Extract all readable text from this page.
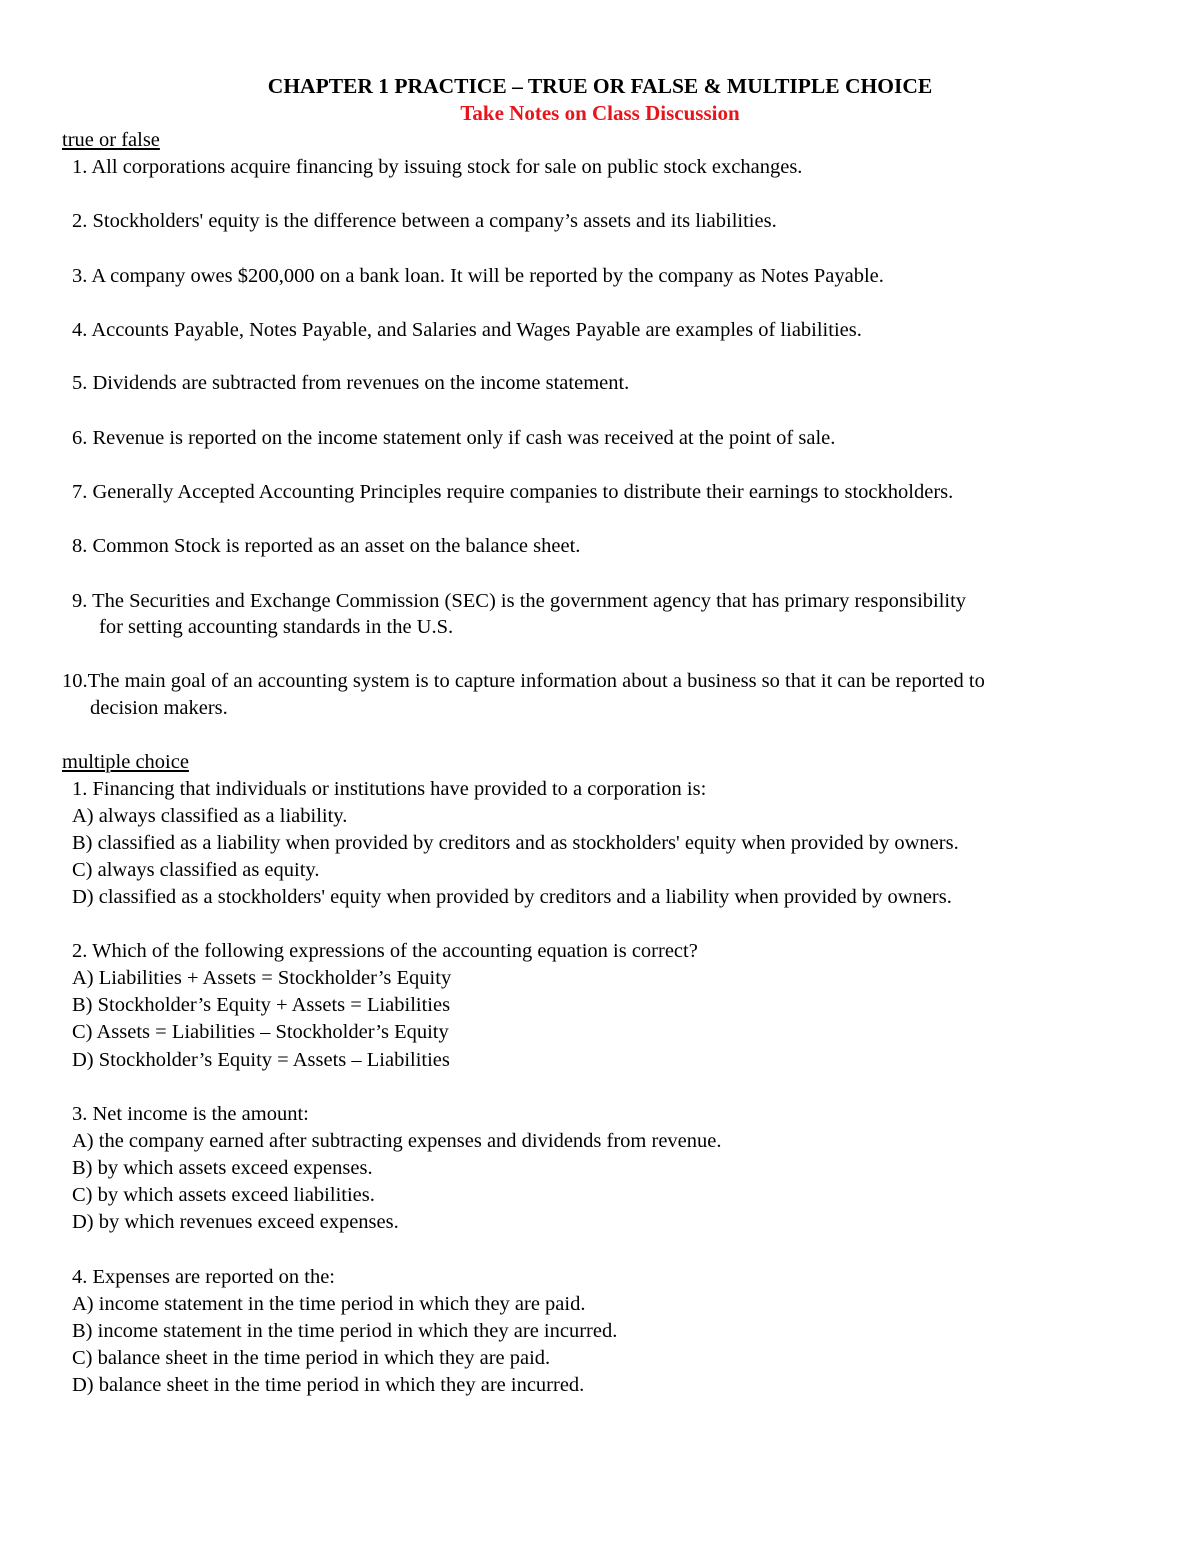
CHAPTER 1 PRACTICE – TRUE OR FALSE & MULTIPLE CHOICE
Take Notes on Class Discussion
true or false
1. All corporations acquire financing by issuing stock for sale on public stock exchanges.
2. Stockholders' equity is the difference between a company’s assets and its liabilities.
3. A company owes $200,000 on a bank loan. It will be reported by the company as Notes Payable.
4. Accounts Payable, Notes Payable, and Salaries and Wages Payable are examples of liabilities.
5. Dividends are subtracted from revenues on the income statement.
6. Revenue is reported on the income statement only if cash was received at the point of sale.
7. Generally Accepted Accounting Principles require companies to distribute their earnings to stockholders.
8. Common Stock is reported as an asset on the balance sheet.
9. The Securities and Exchange Commission (SEC) is the government agency that has primary responsibility
for setting accounting standards in the U.S.
10.The main goal of an accounting system is to capture information about a business so that it can be reported to
decision makers.
multiple choice
1. Financing that individuals or institutions have provided to a corporation is:
A) always classified as a liability.
B) classified as a liability when provided by creditors and as stockholders' equity when provided by owners.
C) always classified as equity.
D) classified as a stockholders' equity when provided by creditors and a liability when provided by owners.
2. Which of the following expressions of the accounting equation is correct?
A) Liabilities + Assets = Stockholder’s Equity
B) Stockholder’s Equity + Assets = Liabilities
C) Assets = Liabilities – Stockholder’s Equity
D) Stockholder’s Equity = Assets – Liabilities
3. Net income is the amount:
A) the company earned after subtracting expenses and dividends from revenue.
B) by which assets exceed expenses.
C) by which assets exceed liabilities.
D) by which revenues exceed expenses.
4. Expenses are reported on the:
A) income statement in the time period in which they are paid.
B) income statement in the time period in which they are incurred.
C) balance sheet in the time period in which they are paid.
D) balance sheet in the time period in which they are incurred.
